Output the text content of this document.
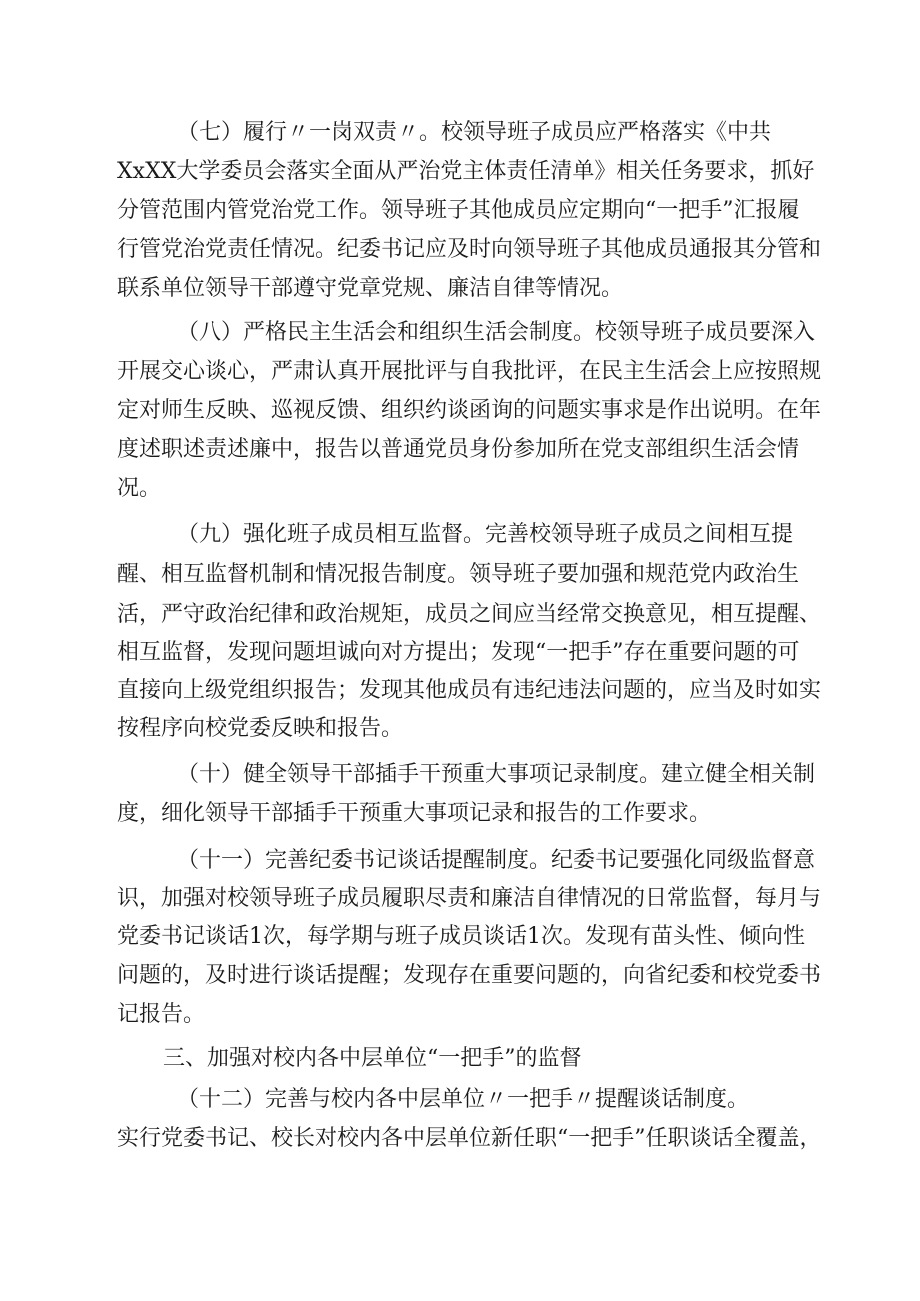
（七）履行〃一岗双责〃。校领导班子成员应严格落实《中共
XxXX大学委员会落实全面从严治党主体责任清单》相关任务要求，抓好
分管范围内管党治党工作。领导班子其他成员应定期向“一把手”汇报履
行管党治党责任情况。纪委书记应及时向领导班子其他成员通报其分管和
联系单位领导干部遵守党章党规、廉洁自律等情况。
（八）严格民主生活会和组织生活会制度。校领导班子成员要深入
开展交心谈心，严肃认真开展批评与自我批评，在民主生活会上应按照规
定对师生反映、巡视反馈、组织约谈函询的问题实事求是作出说明。在年
度述职述责述廉中，报告以普通党员身份参加所在党支部组织生活会情
况。
（九）强化班子成员相互监督。完善校领导班子成员之间相互提
醒、相互监督机制和情况报告制度。领导班子要加强和规范党内政治生
活，严守政治纪律和政治规矩，成员之间应当经常交换意见，相互提醒、
相互监督，发现问题坦诚向对方提出；发现“一把手”存在重要问题的可
直接向上级党组织报告；发现其他成员有违纪违法问题的，应当及时如实
按程序向校党委反映和报告。
（十）健全领导干部插手干预重大事项记录制度。建立健全相关制
度，细化领导干部插手干预重大事项记录和报告的工作要求。
（十一）完善纪委书记谈话提醒制度。纪委书记要强化同级监督意
识，加强对校领导班子成员履职尽责和廉洁自律情况的日常监督，每月与
党委书记谈话1次，每学期与班子成员谈话1次。发现有苗头性、倾向性
问题的，及时进行谈话提醒；发现存在重要问题的，向省纪委和校党委书
记报告。
三、加强对校内各中层单位“一把手”的监督
（十二）完善与校内各中层单位〃一把手〃提醒谈话制度。
实行党委书记、校长对校内各中层单位新任职“一把手”任职谈话全覆盖，
